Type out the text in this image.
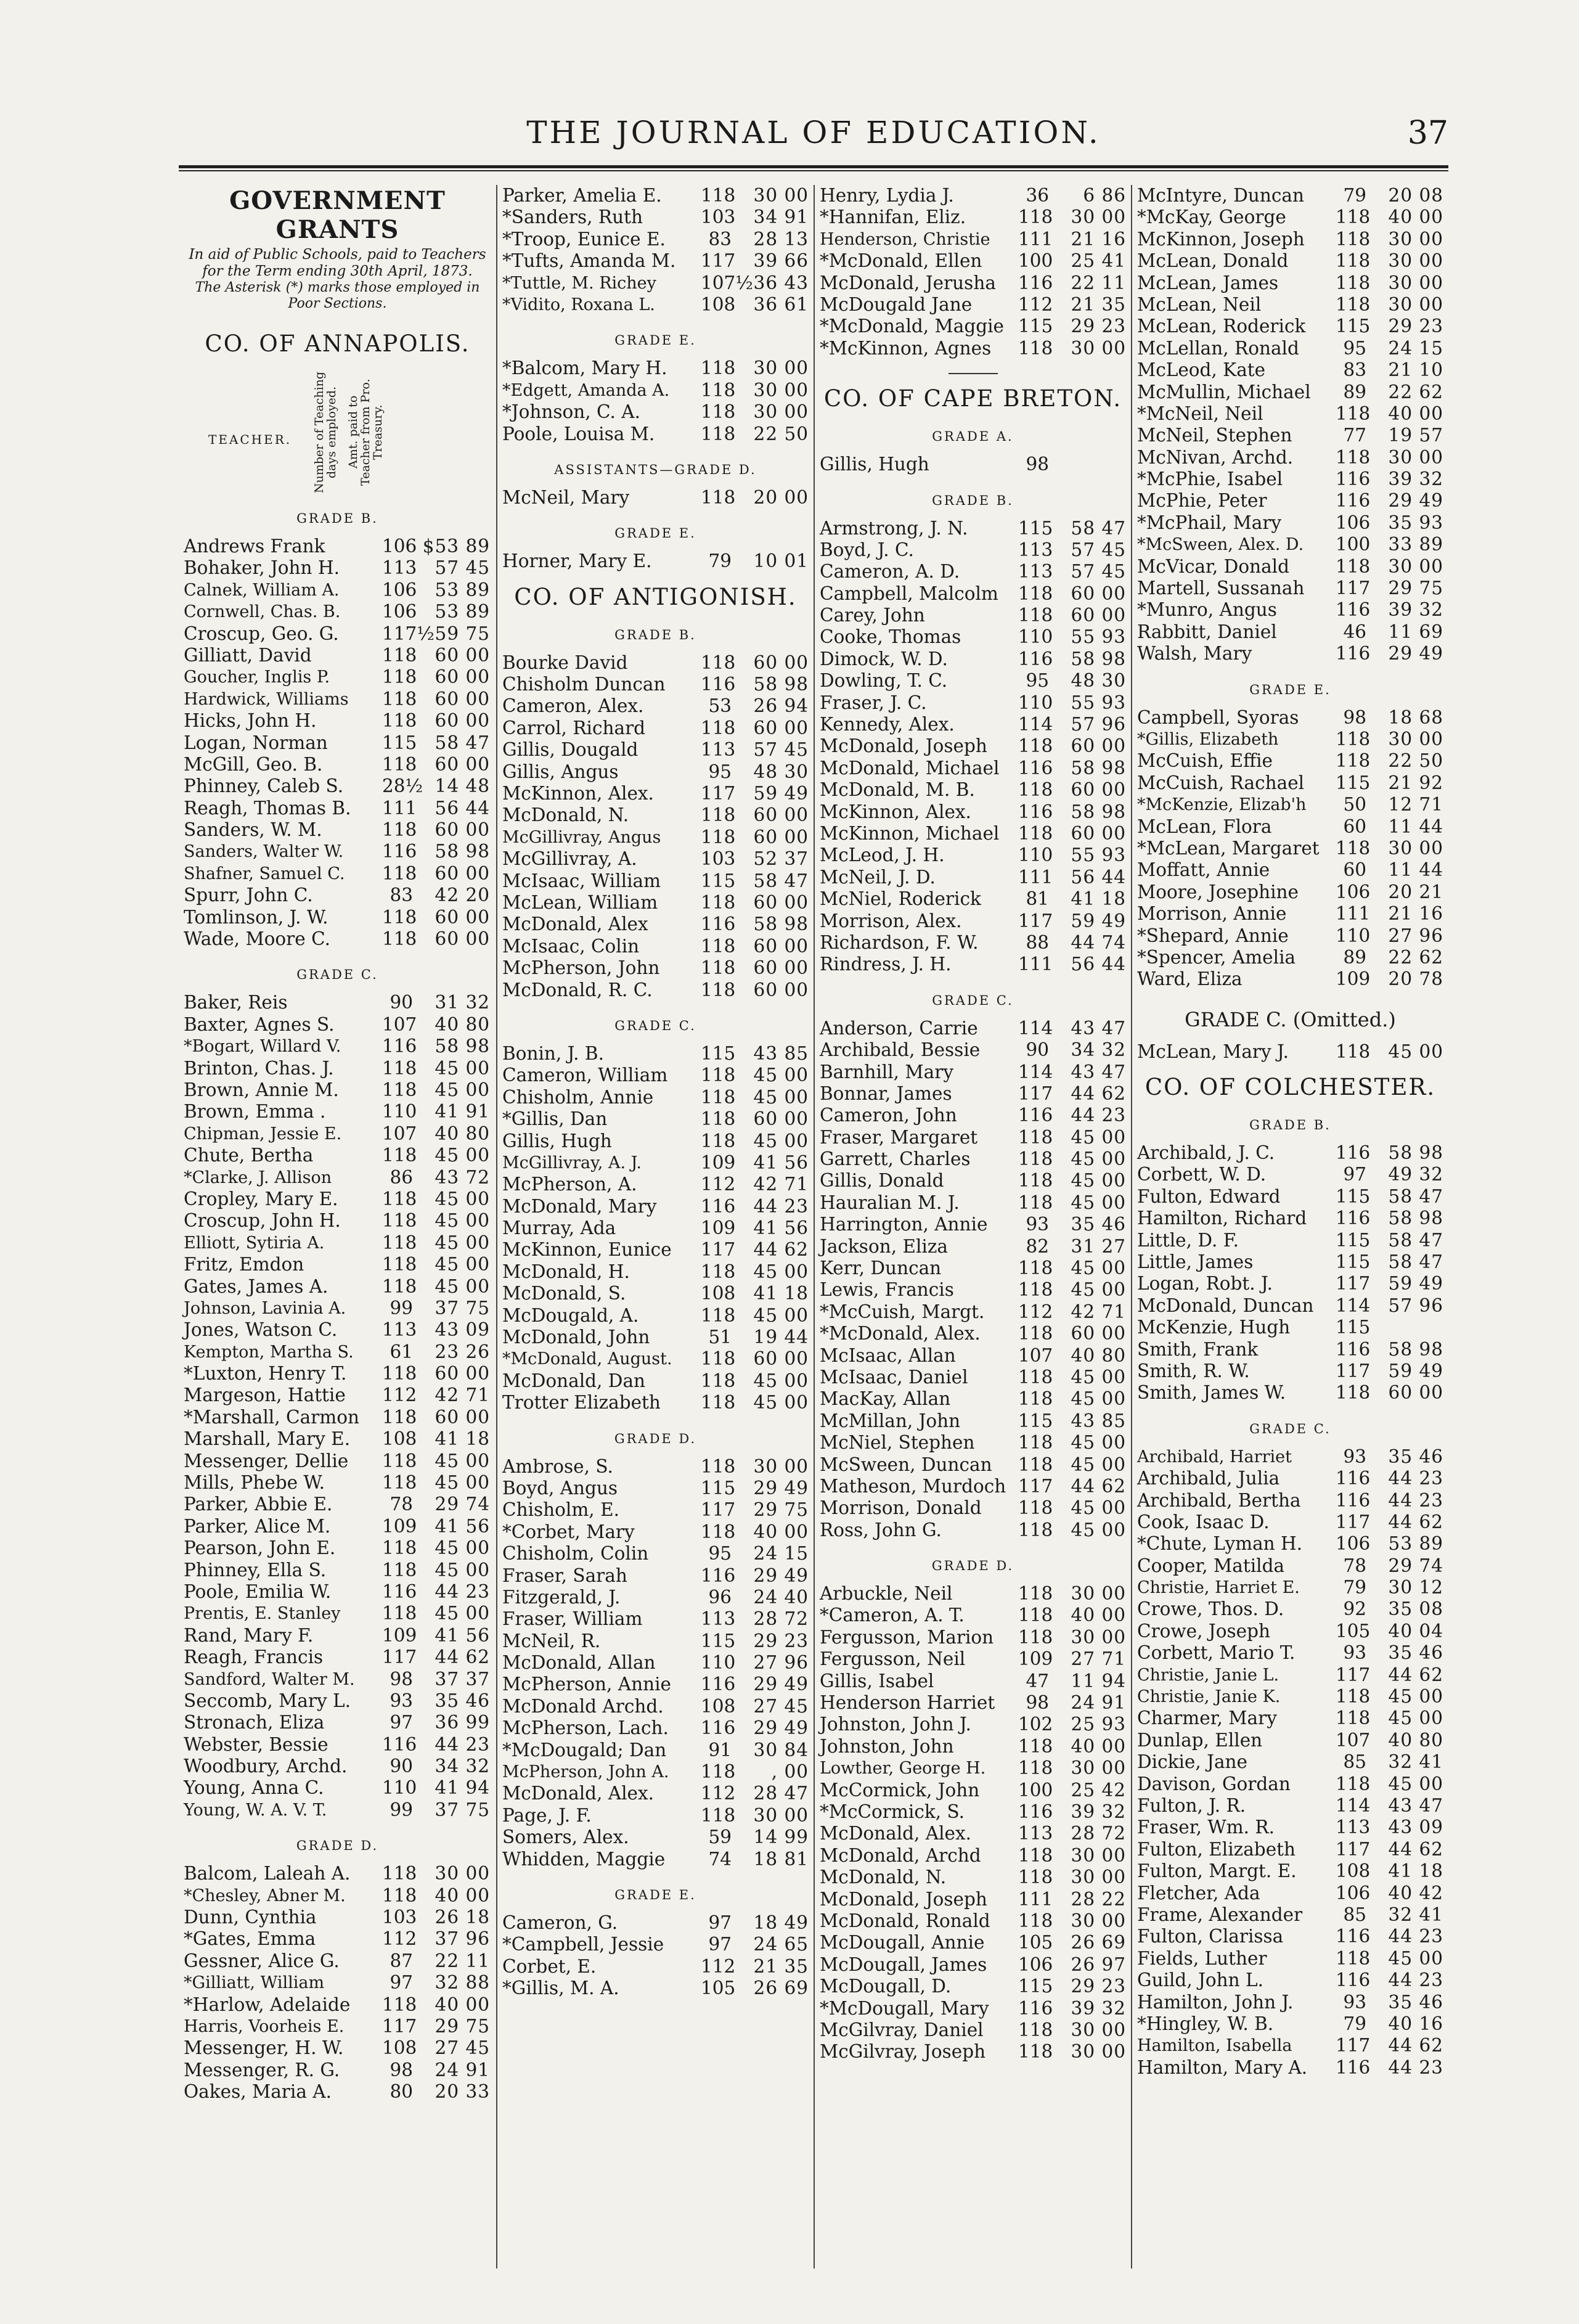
THE JOURNAL OF EDUCATION.	37
GOVERNMENT GRANTS
In aid of Public Schools, paid to Teachers for the Term ending 30th April, 1873.
The Asterisk (*) marks those employed in Poor Sections.
CO. OF ANNAPOLIS.
TEACHER. Number of Teaching days employed. Amt. paid to Teacher from Pro. Treasury.
GRADE B.
Andrews Frank	106 $53 89
Bohaker, John H. 113 57 45
Calnek, William A. 106 53 89
Cornwell, Chas. B. 106 53 89
Croscup, Geo. G. 117½ 59 75
Gilliatt, David	118 60 00
Goucher, Inglis P.	118 60 00
Hardwick, Williams 118 60 00
Hicks, John H.	118 60 00
Logan, Norman	115 58 47
McGill, Geo. B.	118 60 00
Phinney, Caleb S. 28½ 14 48
Reagh, Thomas B. 111 56 44
Sanders, W. M.	118 60 00
Sanders, Walter W. 116 58 98
Shafner, Samuel C. 118 60 00
Spurr, John C.	83	42 20
Tomlinson, J. W.	118 60 00
Wade, Moore C.	118 60 00
GRADE C.
Baker, Reis	90	31 32
Baxter, Agnes S.	107 40 80
*Bogart, Willard V. 116 58 98
Brinton, Chas. J.	118 45 00
Brown, Annie M. 118 45 00
Brown, Emma .	110 41 91
Chipman, Jessie E. 107 40 80
Chute, Bertha	118 45 00
*Clarke, J. Allison	86	43 72
Cropley, Mary E. 118 45 00
Croscup, John H. 118 45 00
Elliott, Sytiria A.	118 45 00
Fritz, Emdon	118 45 00
Gates, James A.	118 45 00
Johnson, Lavinia A.	99	37 75
Jones, Watson C. 113 43 09
Kempton, Martha S.	61	23 26
*Luxton, Henry T. 118 60 00
Margeson, Hattie 112 42 71
*Marshall, Carmon 118 60 00
Marshall, Mary E. 108 41 18
Messenger, Dellie 118 45 00
Mills, Phebe W.	118 45 00
Parker, Abbie E.	78	29 74
Parker, Alice M.	109 41 56
Pearson, John E.	118 45 00
Phinney, Ella S.	118 45 00
Poole, Emilia W.	116 44 23
Prentis, E. Stanley 118 45 00
Rand, Mary F.	109 41 56
Reagh, Francis	117 44 62
Sandford, Walter M.	98	37 37
Seccomb, Mary L.	93	35 46
Stronach, Eliza	97	36 99
Webster, Bessie	116 44 23
Woodbury, Archd.	90	34 32
Young, Anna C.	110 41 94
Young, W. A. V. T.	99	37 75
GRADE D.
Balcom, Laleah A. 118 30 00
*Chesley, Abner M. 118 40 00
Dunn, Cynthia	103 26 18
*Gates, Emma	112 37 96
Gessner, Alice G.	87	22 11
*Gilliatt, William	97	32 88
*Harlow, Adelaide 118 40 00
Harris, Voorheis E. 117 29 75
Messenger, H. W. 108 27 45
Messenger, R. G.	98	24 91
Oakes, Maria A.	80	20 33
Parker, Amelia E. 118 30 00
*Sanders, Ruth	103 34 91
*Troop, Eunice E.	83	28 13
*Tufts, Amanda M. 117 39 66
*Tuttle, M. Richey 107½ 36 43
*Vidito, Roxana L.	108 36 61
GRADE E.
*Balcom, Mary H. 118 30 00
*Edgett, Amanda A. 118 30 00
*Johnson, C. A.	118 30 00
Poole, Louisa M.	118 22 50
ASSISTANTS—GRADE D.
McNeil, Mary	118 20 00
GRADE E.
Horner, Mary E.	79	10 01
CO. OF ANTIGONISH.
GRADE B.
Bourke David	118 60 00
Chisholm Duncan 116 58 98
Cameron, Alex.	53	26 94
Carrol, Richard	118 60 00
Gillis, Dougald	113 57 45
Gillis, Angus	95	48 30
McKinnon, Alex.	117 59 49
McDonald, N.	118 60 00
McGillivray, Angus 118 60 00
McGillivray, A.	103 52 37
McIsaac, William 115 58 47
McLean, William 118 60 00
McDonald, Alex	116 58 98
McIsaac, Colin	118 60 00
McPherson, John 118 60 00
McDonald, R. C.	118 60 00
GRADE C.
Bonin, J. B.	115 43 85
Cameron, William 118 45 00
Chisholm, Annie	118 45 00
*Gillis, Dan	118 60 00
Gillis, Hugh	118 45 00
McGillivray, A. J.	109 41 56
McPherson, A.	112 42 71
McDonald, Mary 116 44 23
Murray, Ada	109 41 56
McKinnon, Eunice 117 44 62
McDonald, H.	118 45 00
McDonald, S.	108 41 18
McDougald, A.	118 45 00
McDonald, John	51	19 44
*McDonald, August. 118 60 00
McDonald, Dan	118 45 00
Trotter Elizabeth 118 45 00
GRADE D.
Ambrose, S.	118 30 00
Boyd, Angus	115 29 49
Chisholm, E.	117 29 75
*Corbet, Mary	118 40 00
Chisholm, Colin	95	24 15
Fraser, Sarah	116 29 49
Fitzgerald, J.	96	24 40
Fraser, William	113 28 72
McNeil, R.	115 29 23
McDonald, Allan 110 27 96
McPherson, Annie 116 29 49
McDonald Archd. 108 27 45
McPherson, Lach. 116 29 49
*McDougald; Dan	91	30 84
McPherson, John A. 118	, 00
McDonald, Alex.	112 28 47
Page, J. F.	118 30 00
Somers, Alex.	59	14 99
Whidden, Maggie	74	18 81
GRADE E.
Cameron, G.	97	18 49
*Campbell, Jessie	97	24 65
Corbet, E.	112 21 35
*Gillis, M. A.	105 26 69
Henry, Lydia J.	36	6 86
*Hannifan, Eliz.	118 30 00
Henderson, Christie 111 21 16
*McDonald, Ellen 100 25 41
McDonald, Jerusha 116 22 11
McDougald Jane	112 21 35
*McDonald, Maggie 115 29 23
*McKinnon, Agnes 118 30 00
CO. OF CAPE BRETON.
GRADE A.
Gillis, Hugh	98
GRADE B.
Armstrong, J. N.	115 58 47
Boyd, J. C.	113 57 45
Cameron, A. D.	113 57 45
Campbell, Malcolm 118 60 00
Carey, John	118 60 00
Cooke, Thomas	110 55 93
Dimock, W. D.	116 58 98
Dowling, T. C.	95	48 30
Fraser, J. C.	110 55 93
Kennedy, Alex.	114 57 96
McDonald, Joseph 118 60 00
McDonald, Michael 116 58 98
McDonald, M. B. 118 60 00
McKinnon, Alex.	116 58 98
McKinnon, Michael 118 60 00
McLeod, J. H.	110 55 93
McNeil, J. D.	111 56 44
McNiel, Roderick	81	41 18
Morrison, Alex.	117 59 49
Richardson, F. W.	88	44 74
Rindress, J. H.	111 56 44
GRADE C.
Anderson, Carrie 114 43 47
Archibald, Bessie	90	34 32
Barnhill, Mary	114 43 47
Bonnar, James	117 44 62
Cameron, John	116 44 23
Fraser, Margaret 118 45 00
Garrett, Charles	118 45 00
Gillis, Donald	118 45 00
Hauralian M. J.	118 45 00
Harrington, Annie	93	35 46
Jackson, Eliza	82	31 27
Kerr, Duncan	118 45 00
Lewis, Francis	118 45 00
*McCuish, Margt. 112 42 71
*McDonald, Alex. 118 60 00
McIsaac, Allan	107 40 80
McIsaac, Daniel	118 45 00
MacKay, Allan	118 45 00
McMillan, John	115 43 85
McNiel, Stephen 118 45 00
McSween, Duncan 118 45 00
Matheson, Murdoch 117 44 62
Morrison, Donald 118 45 00
Ross, John G.	118 45 00
GRADE D.
Arbuckle, Neil	118 30 00
*Cameron, A. T.	118 40 00
Fergusson, Marion 118 30 00
Fergusson, Neil	109 27 71
Gillis, Isabel	47	11 94
Henderson Harriet	98	24 91
Johnston, John J.	102 25 93
Johnston, John	118 40 00
Lowther, George H. 118 30 00
McCormick, John 100 25 42
*McCormick, S.	116 39 32
McDonald, Alex.	113 28 72
McDonald, Archd 118 30 00
McDonald, N.	118 30 00
McDonald, Joseph 111 28 22
McDonald, Ronald 118 30 00
McDougall, Annie 105 26 69
McDougall, James 106 26 97
McDougall, D.	115 29 23
*McDougall, Mary 116 39 32
McGilvray, Daniel 118 30 00
McGilvray, Joseph 118 30 00
McIntyre, Duncan	79	20 08
*McKay, George	118 40 00
McKinnon, Joseph 118 30 00
McLean, Donald	118 30 00
McLean, James	118 30 00
McLean, Neil	118 30 00
McLean, Roderick 115 29 23
McLellan, Ronald	95	24 15
McLeod, Kate	83	21 10
McMullin, Michael	89	22 62
*McNeil, Neil	118 40 00
McNeil, Stephen	77	19 57
McNivan, Archd. 118 30 00
*McPhie, Isabel	116 39 32
McPhie, Peter	116 29 49
*McPhail, Mary	106 35 93
*McSween, Alex. D. 100 33 89
McVicar, Donald	118 30 00
Martell, Sussanah 117 29 75
*Munro, Angus	116 39 32
Rabbitt, Daniel	46	11 69
Walsh, Mary	116 29 49
GRADE E.
Campbell, Syoras	98	18 68
*Gillis, Elizabeth	118 30 00
McCuish, Effie	118 22 50
McCuish, Rachael 115 21 92
*McKenzie, Elizab'h	50	12 71
McLean, Flora	60	11 44
*McLean, Margaret 118 30 00
Moffatt, Annie	60	11 44
Moore, Josephine 106 20 21
Morrison, Annie	111 21 16
*Shepard, Annie	110 27 96
*Spencer, Amelia	89	22 62
Ward, Eliza	109 20 78
GRADE C. (Omitted.)
McLean, Mary J.	118 45 00
CO. OF COLCHESTER.
GRADE B.
Archibald, J. C.	116 58 98
Corbett, W. D.	97	49 32
Fulton, Edward	115 58 47
Hamilton, Richard 116 58 98
Little, D. F.	115 58 47
Little, James	115 58 47
Logan, Robt. J.	117 59 49
McDonald, Duncan 114 57 96
McKenzie, Hugh	115
Smith, Frank	116 58 98
Smith, R. W.	117 59 49
Smith, James W.	118 60 00
GRADE C.
Archibald, Harriet	93	35 46
Archibald, Julia	116 44 23
Archibald, Bertha 116 44 23
Cook, Isaac D.	117 44 62
*Chute, Lyman H. 106 53 89
Cooper, Matilda	78	29 74
Christie, Harriet E.	79	30 12
Crowe, Thos. D.	92	35 08
Crowe, Joseph	105 40 04
Corbett, Mario T.	93	35 46
Christie, Janie L.	117 44 62
Christie, Janie K.	118 45 00
Charmer, Mary	118 45 00
Dunlap, Ellen	107 40 80
Dickie, Jane	85	32 41
Davison, Gordan 118 45 00
Fulton, J. R.	114 43 47
Fraser, Wm. R.	113 43 09
Fulton, Elizabeth 117 44 62
Fulton, Margt. E. 108 41 18
Fletcher, Ada	106 40 42
Frame, Alexander	85	32 41
Fulton, Clarissa	116 44 23
Fields, Luther	118 45 00
Guild, John L.	116 44 23
Hamilton, John J.	93	35 46
*Hingley, W. B.	79	40 16
Hamilton, Isabella 117 44 62
Hamilton, Mary A. 116 44 23
